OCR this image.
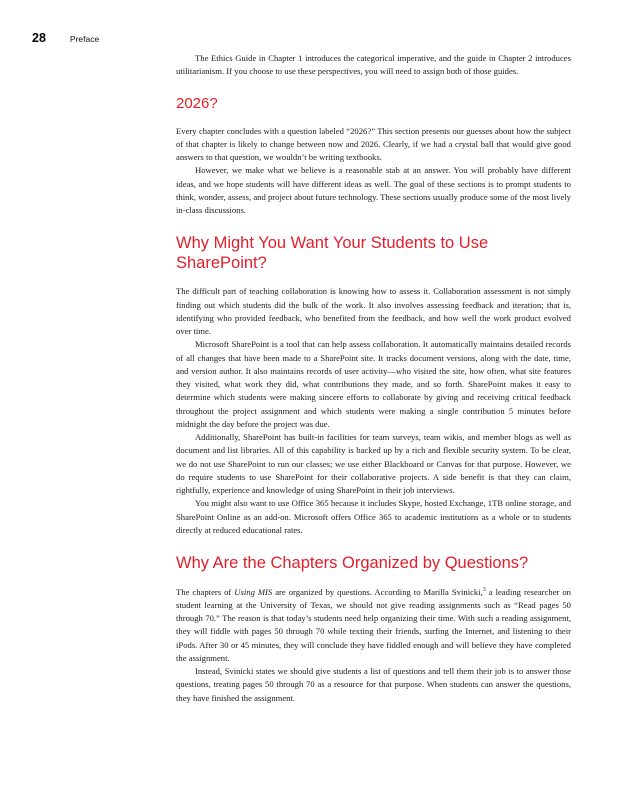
28	Preface

The Ethics Guide in Chapter 1 introduces the categorical imperative, and the guide in Chapter 2 introduces utilitarianism. If you choose to use these perspectives, you will need to assign both of those guides.

2026?

Every chapter concludes with a question labeled “2026?” This section presents our guesses about how the subject of that chapter is likely to change between now and 2026. Clearly, if we had a crystal ball that would give good answers to that question, we wouldn’t be writing textbooks.

However, we make what we believe is a reasonable stab at an answer. You will probably have different ideas, and we hope students will have different ideas as well. The goal of these sections is to prompt students to think, wonder, assess, and project about future technology. These sections usually produce some of the most lively in-class discussions.

Why Might You Want Your Students to Use SharePoint?

The difficult part of teaching collaboration is knowing how to assess it. Collaboration assessment is not simply finding out which students did the bulk of the work. It also involves assessing feedback and iteration; that is, identifying who provided feedback, who benefited from the feedback, and how well the work product evolved over time.

Microsoft SharePoint is a tool that can help assess collaboration. It automatically maintains detailed records of all changes that have been made to a SharePoint site. It tracks document versions, along with the date, time, and version author. It also maintains records of user activity—who visited the site, how often, what site features they visited, what work they did, what contributions they made, and so forth. SharePoint makes it easy to determine which students were making sincere efforts to collaborate by giving and receiving critical feedback throughout the project assignment and which students were making a single contribution 5 minutes before midnight the day before the project was due.

Additionally, SharePoint has built-in facilities for team surveys, team wikis, and member blogs as well as document and list libraries. All of this capability is backed up by a rich and flexible security system. To be clear, we do not use SharePoint to run our classes; we use either Blackboard or Canvas for that purpose. However, we do require students to use SharePoint for their collaborative projects. A side benefit is that they can claim, rightfully, experience and knowledge of using SharePoint in their job interviews.

You might also want to use Office 365 because it includes Skype, hosted Exchange, 1TB online storage, and SharePoint Online as an add-on. Microsoft offers Office 365 to academic institutions as a whole or to students directly at reduced educational rates.

Why Are the Chapters Organized by Questions?

The chapters of Using MIS are organized by questions. According to Marilla Svinicki,$^3$ a leading researcher on student learning at the University of Texas, we should not give reading assignments such as “Read pages 50 through 70.” The reason is that today’s students need help organizing their time. With such a reading assignment, they will fiddle with pages 50 through 70 while texting their friends, surfing the Internet, and listening to their iPods. After 30 or 45 minutes, they will conclude they have fiddled enough and will believe they have completed the assignment.

Instead, Svinicki states we should give students a list of questions and tell them their job is to answer those questions, treating pages 50 through 70 as a resource for that purpose. When students can answer the questions, they have finished the assignment.
